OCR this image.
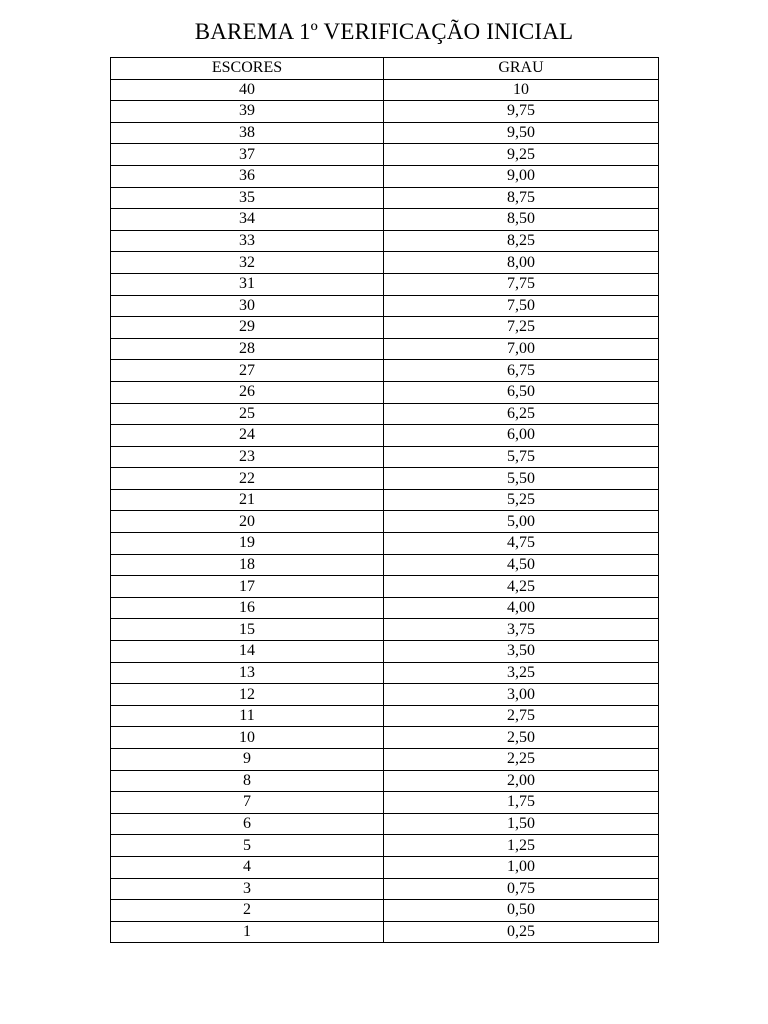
BAREMA 1º VERIFICAÇÃO INICIAL
ESCORES	GRAU
40	10
39	9,75
38	9,50
37	9,25
36	9,00
35	8,75
34	8,50
33	8,25
32	8,00
31	7,75
30	7,50
29	7,25
28	7,00
27	6,75
26	6,50
25	6,25
24	6,00
23	5,75
22	5,50
21	5,25
20	5,00
19	4,75
18	4,50
17	4,25
16	4,00
15	3,75
14	3,50
13	3,25
12	3,00
11	2,75
10	2,50
9	2,25
8	2,00
7	1,75
6	1,50
5	1,25
4	1,00
3	0,75
2	0,50
1	0,25
